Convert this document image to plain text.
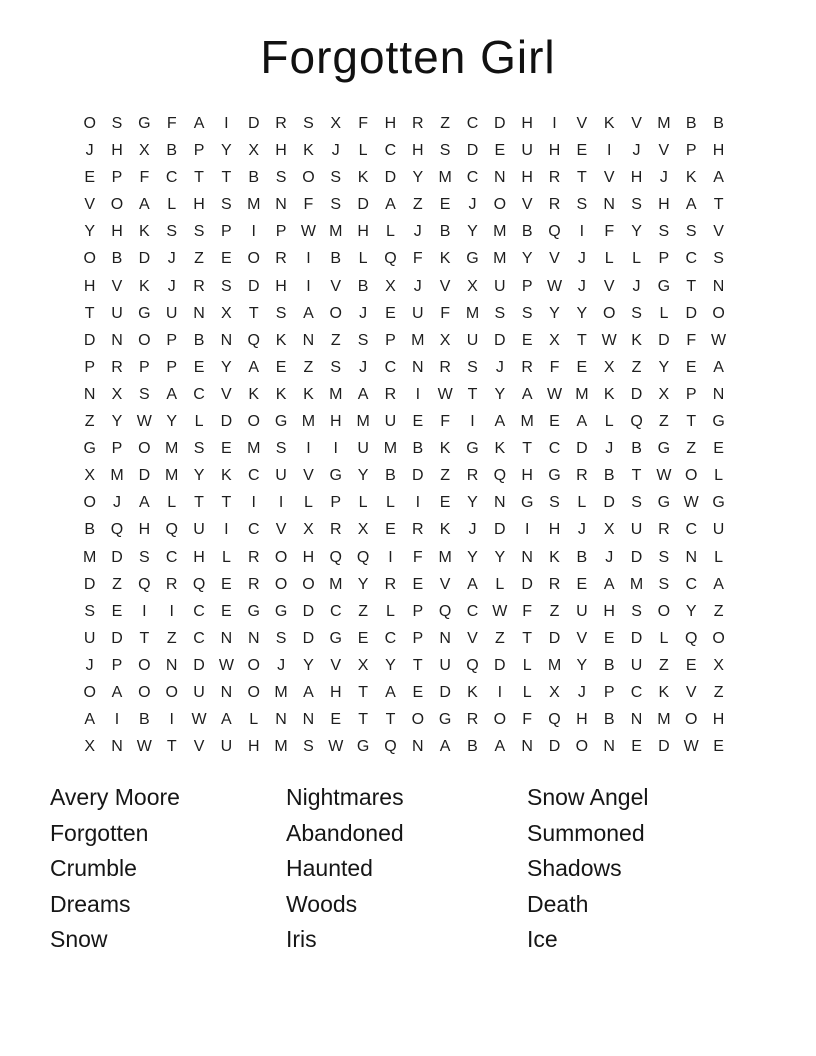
Forgotten Girl
O S G	F	A	I	D R	S	X	F	H R	Z	C D H	I	V	K	V M B	B
J	H	X	B	P	Y	X	H	K	J	L	C H	S	D	E	U H	E	I	J	V	P	H
E	P	F	C	T	T	B	S O S	K	D	Y M C N H R	T	V	H	J	K	A
V O A	L	H	S M N	F	S	D	A	Z	E	J	O V	R	S	N	S	H	A	T
Y	H	K	S	S	P	I	P W M H	L	J	B	Y M B Q	I	F	Y	S	S	V
O B	D	J	Z	E O R	I	B	L	Q	F	K G M Y	V	J	L	L	P	C	S
H	V	K	J	R	S	D H	I	V	B	X	J	V	X	U	P W J	V	J	G	T	N
T	U G U N	X	T	S	A O	J	E	U	F M S	S	Y	Y O S	L	D O
D N O P	B	N Q K	N	Z	S	P M X	U D	E	X	T W K	D	F W
P	R	P	P	E	Y	A	E	Z	S	J	C N R	S	J	R	F	E	X	Z	Y	E	A
N	X	S	A	C	V	K	K	K M A	R	I	W T	Y	A W M K	D	X	P	N
Z	Y W Y	L	D O G M H M U	E	F	I	A M E	A	L	Q	Z	T	G
G P O M S	E M S	I	I	U M B	K G K	T	C D	J	B G	Z	E
X M D M Y	K	C U	V G Y	B	D	Z	R Q H G R	B	T W O	L
O	J	A	L	T	T	I	I	L	P	L	L	I	E	Y	N G S	L	D	S G W G
B Q H Q U	I	C	V	X	R	X	E	R	K	J	D	I	H	J	X	U R C U
M D	S	C H	L	R O H Q Q	I	F M Y	Y	N	K	B	J	D	S	N	L
D	Z	Q R Q E	R O O M Y	R	E	V	A	L	D R	E	A M S	C	A
S	E	I	I	C	E G G D C	Z	L	P Q C W F	Z	U H	S O Y	Z
U D	T	Z	C N N	S	D G E	C	P	N	V	Z	T	D	V	E	D	L	Q O
J	P O N D W O	J	Y	V	X	Y	T	U Q D	L	M Y	B	U	Z	E	X
O A O O U N O M A	H	T	A	E	D	K	I	L	X	J	P	C	K	V	Z
A	I	B	I	W A	L	N N	E	T	T	O G R O	F	Q H	B	N M O H
X	N W T	V	U H M S W G Q N	A	B	A	N D O N	E	D W E
Avery Moore
Forgotten
Crumble
Dreams
Snow
Nightmares
Abandoned
Haunted
Woods
Iris
Snow Angel
Summoned
Shadows
Death
Ice
